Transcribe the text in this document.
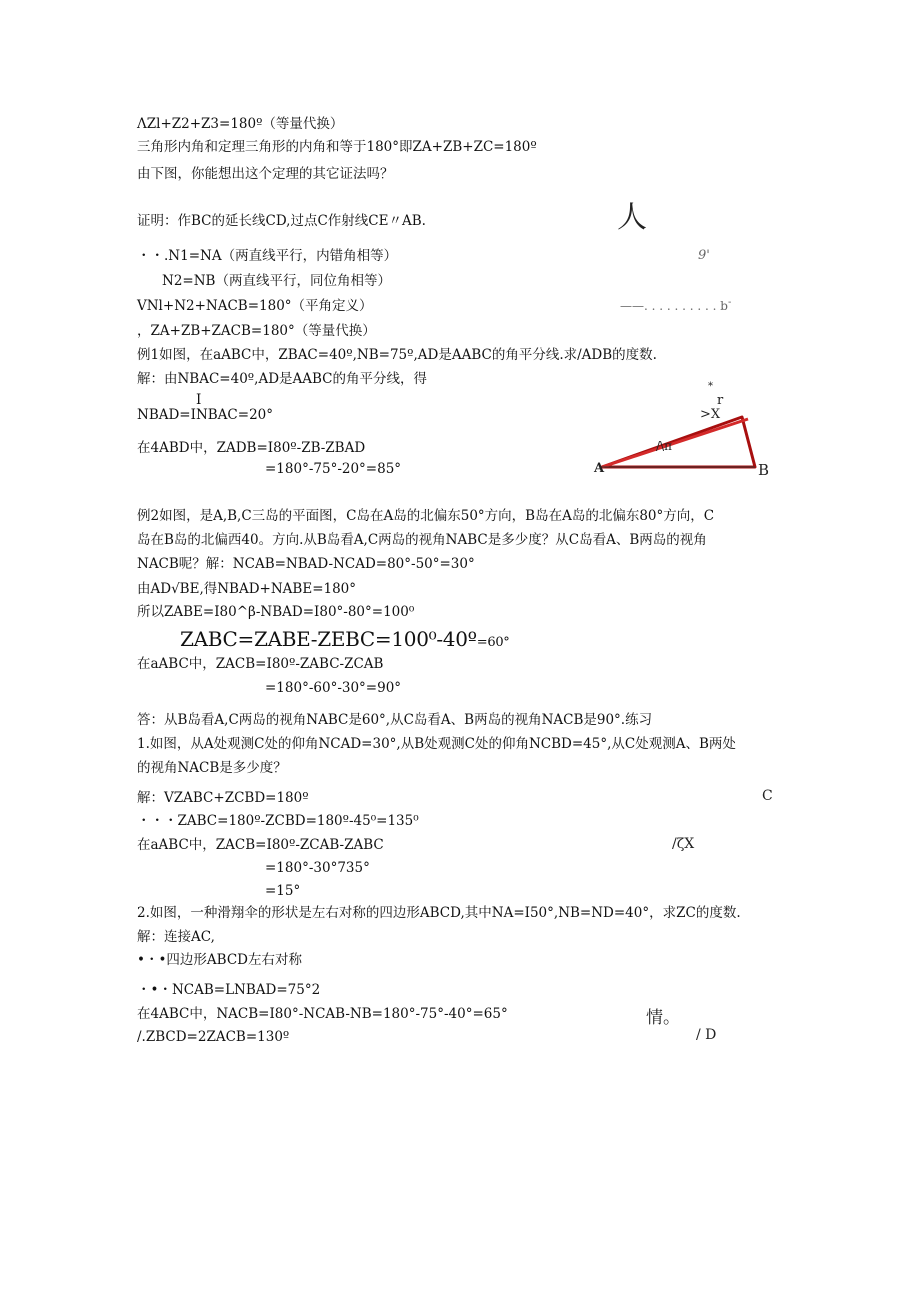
ΛZl+Z2+Z3=180º（等量代换）
三角形内角和定理三角形的内角和等于180°即ZA+ZB+ZC=180º
由下图，你能想出这个定理的其它证法吗？
证明：作BC的延长线CD,过点C作射线CE〃AB.
・・.N1=NA（两直线平行，内错角相等）
N2=NB（两直线平行，同位角相等）
VNl+N2+NACB=180°（平角定义）
，ZA+ZB+ZACB=180°（等量代换）
例1如图，在aABC中，ZBAC=40º,NB=75º,AD是AABC的角平分线.求/ADB的度数.
解：由NBAC=40º,AD是AABC的角平分线，得
I
NBAD=INBAC=20°
在4ABD中，ZADB=I80º-ZB-ZBAD
=180°-75°-20°=85°
例2如图，是A,B,C三岛的平面图，C岛在A岛的北偏东50°方向，B岛在A岛的北偏东80°方向，C
岛在B岛的北偏西40。方向.从B岛看A,C两岛的视角NABC是多少度？从C岛看A、B两岛的视角
NACB呢？解：NCAB=NBAD-NCAD=80°-50°=30°
由AD√BE,得NBAD+NABE=180°
所以ZABE=I80^β-NBAD=I80°-80°=100⁰
ZABC=ZABE-ZEBC=100⁰-40º=60°
在aABC中，ZACB=I80º-ZABC-ZCAB
=180°-60°-30°=90°
答：从B岛看A,C两岛的视角NABC是60°,从C岛看A、B两岛的视角NACB是90°.练习
1.如图，从A处观测C处的仰角NCAD=30°,从B处观测C处的仰角NCBD=45°,从C处观测A、B两处
的视角NACB是多少度？
解：VZABC+ZCBD=180º
・・・ZABC=180º-ZCBD=180º-45⁰=135⁰
在aABC中，ZACB=I80º-ZCAB-ZABC
=180°-30°735°
=15°
2.如图，一种滑翔伞的形状是左右对称的四边形ABCD,其中NA=I50°,NB=ND=40°，求ZC的度数.
解：连接AC,
•・•四边形ABCD左右对称
・•・NCAB=LNBAD=75°2
在4ABC中，NACB=I80°-NCAB-NB=180°-75°-40°=65°
/.ZBCD=2ZACB=130º
人
9'
——. . . . . . . . . . b-
*
r
>X
/\π
A	B
C
/ζX
情。
/ D
